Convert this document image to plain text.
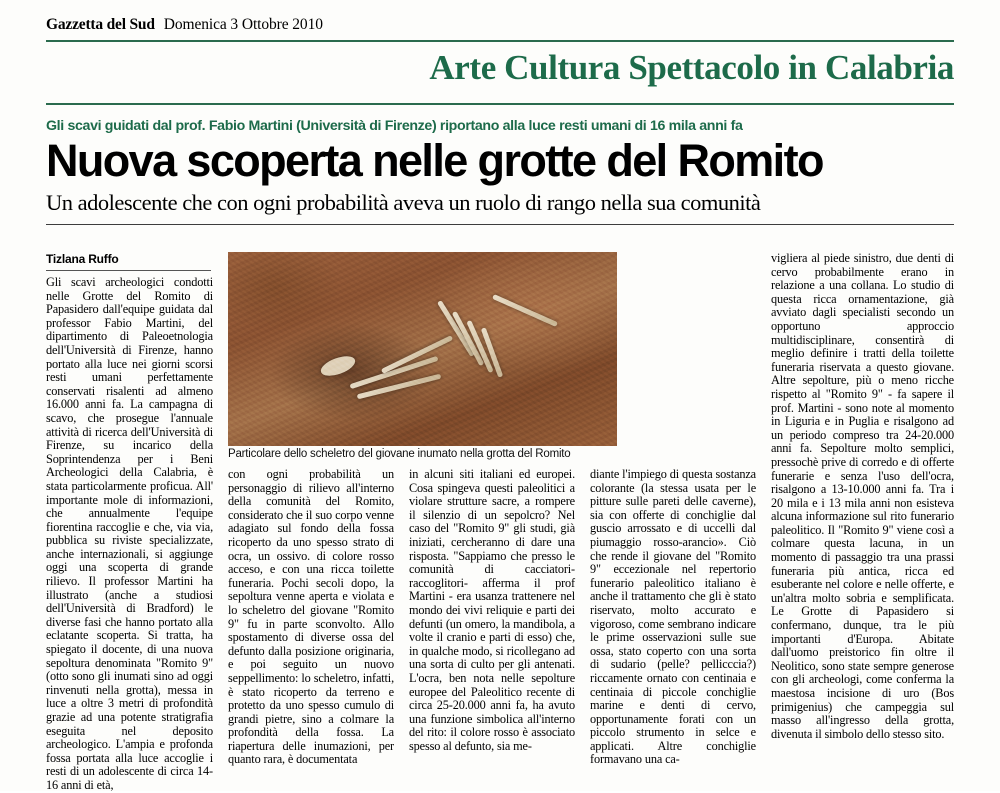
Gazzetta del Sud Domenica 3 Ottobre 2010
Arte Cultura Spettacolo in Calabria
Gli scavi guidati dal prof. Fabio Martini (Università di Firenze) riportano alla luce resti umani di 16 mila anni fa
Nuova scoperta nelle grotte del Romito
Un adolescente che con ogni probabilità aveva un ruolo di rango nella sua comunità
Tizlana Ruffo
Particolare dello scheletro del giovane inumato nella grotta del Romito

Gli scavi archeologici condotti nelle Grotte del Romito di Papasidero dall'equipe guidata dal professor Fabio Martini, del dipartimento di Paleoetnologia dell'Università di Firenze, hanno portato alla luce nei giorni scorsi resti umani perfettamente conservati risalenti ad almeno 16.000 anni fa. La campagna di scavo, che prosegue l'annuale attività di ricerca dell'Università di Firenze, su incarico della Soprintendenza per i Beni Archeologici della Calabria, è stata particolarmente proficua. All' importante mole di informazioni, che annualmente l'equipe fiorentina raccoglie e che, via via, pubblica su riviste specializzate, anche internazionali, si aggiunge oggi una scoperta di grande rilievo. Il professor Martini ha illustrato (anche a studiosi dell'Università di Bradford) le diverse fasi che hanno portato alla eclatante scoperta. Si tratta, ha spiegato il docente, di una nuova sepoltura denominata "Romito 9" (otto sono gli inumati sino ad oggi rinvenuti nella grotta), messa in luce a oltre 3 metri di profondità grazie ad una potente stratigrafia eseguita nel deposito archeologico. L'ampia e profonda fossa portata alla luce accoglie i resti di un adolescente di circa 14-16 anni di età,

con ogni probabilità un personaggio di rilievo all'interno della comunità del Romito, considerato che il suo corpo venne adagiato sul fondo della fossa ricoperto da uno spesso strato di ocra, un ossivo. di colore rosso acceso, e con una ricca toilette funeraria. Pochi secoli dopo, la sepoltura venne aperta e violata e lo scheletro del giovane "Romito 9" fu in parte sconvolto. Allo spostamento di diverse ossa del defunto dalla posizione originaria, e poi seguito un nuovo seppellimento: lo scheletro, infatti, è stato ricoperto da terreno e protetto da uno spesso cumulo di grandi pietre, sino a colmare la profondità della fossa. La riapertura delle inumazioni, per quanto rara, è documentata

in alcuni siti italiani ed europei. Cosa spingeva questi paleolitici a violare strutture sacre, a rompere il silenzio di un sepolcro? Nel caso del "Romito 9" gli studi, già iniziati, cercheranno di dare una risposta. "Sappiamo che presso le comunità di cacciatori-raccoglitori- afferma il prof Martini - era usanza trattenere nel mondo dei vivi reliquie e parti dei defunti (un omero, la mandibola, a volte il cranio e parti di esso) che, in qualche modo, si ricollegano ad una sorta di culto per gli antenati. L'ocra, ben nota nelle sepolture europee del Paleolitico recente di circa 25-20.000 anni fa, ha avuto una funzione simbolica all'interno del rito: il colore rosso è associato spesso al defunto, sia me-

diante l'impiego di questa sostanza colorante (la stessa usata per le pitture sulle pareti delle caverne), sia con offerte di conchiglie dal guscio arrossato e di uccelli dal piumaggio rosso-arancio». Ciò che rende il giovane del "Romito 9" eccezionale nel repertorio funerario paleolitico italiano è anche il trattamento che gli è stato riservato, molto accurato e vigoroso, come sembrano indicare le prime osservazioni sulle sue ossa, stato coperto con una sorta di sudario (pelle? pellicccia?) riccamente ornato con centinaia e centinaia di piccole conchiglie marine e denti di cervo, opportunamente forati con un piccolo strumento in selce e applicati. Altre conchiglie formavano una ca-

vigliera al piede sinistro, due denti di cervo probabilmente erano in relazione a una collana. Lo studio di questa ricca ornamentazione, già avviato dagli specialisti secondo un opportuno approccio multidisciplinare, consentirà di meglio definire i tratti della toilette funeraria riservata a questo giovane. Altre sepolture, più o meno ricche rispetto al "Romito 9" - fa sapere il prof. Martini - sono note al momento in Liguria e in Puglia e risalgono ad un periodo compreso tra 24-20.000 anni fa. Sepolture molto semplici, pressochè prive di corredo e di offerte funerarie e senza l'uso dell'ocra, risalgono a 13-10.000 anni fa. Tra i 20 mila e i 13 mila anni non esisteva alcuna informazione sul rito funerario paleolitico. Il "Romito 9" viene così a colmare questa lacuna, in un momento di passaggio tra una prassi funeraria più antica, ricca ed esuberante nel colore e nelle offerte, e un'altra molto sobria e semplificata. Le Grotte di Papasidero si confermano, dunque, tra le più importanti d'Europa. Abitate dall'uomo preistorico fin oltre il Neolitico, sono state sempre generose con gli archeologi, come conferma la maestosa incisione di uro (Bos primigenius) che campeggia sul masso all'ingresso della grotta, divenuta il simbolo dello stesso sito.
